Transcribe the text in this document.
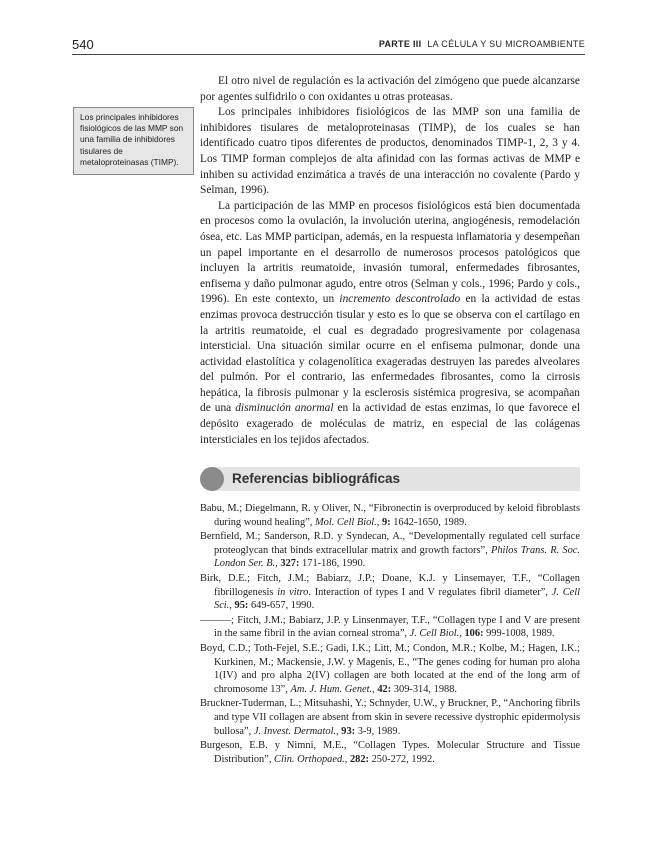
540	PARTE III LA CÉLULA Y SU MICROAMBIENTE
Los principales inhibidores fisiológicos de las MMP son una familia de inhibidores tisulares de metaloproteinasas (TIMP).

El otro nivel de regulación es la activación del zimógeno que puede alcanzarse por agentes sulfidrilo o con oxidantes u otras proteasas.

Los principales inhibidores fisiológicos de las MMP son una familia de inhibidores tisulares de metaloproteinasas (TIMP), de los cuales se han identificado cuatro tipos diferentes de productos, denominados TIMP-1, 2, 3 y 4. Los TIMP forman complejos de alta afinidad con las formas activas de MMP e inhiben su actividad enzimática a través de una interacción no covalente (Pardo y Selman, 1996).

La participación de las MMP en procesos fisiológicos está bien documentada en procesos como la ovulación, la involución uterina, angiogénesis, remodelación ósea, etc. Las MMP participan, además, en la respuesta inflamatoria y desempeñan un papel importante en el desarrollo de numerosos procesos patológicos que incluyen la artritis reumatoide, invasión tumoral, enfermedades fibrosantes, enfisema y daño pulmonar agudo, entre otros (Selman y cols., 1996; Pardo y cols., 1996). En este contexto, un incremento descontrolado en la actividad de estas enzimas provoca destrucción tisular y esto es lo que se observa con el cartílago en la artritis reumatoide, el cual es degradado progresivamente por colagenasa intersticial. Una situación similar ocurre en el enfisema pulmonar, donde una actividad elastolítica y colagenolítica exageradas destruyen las paredes alveolares del pulmón. Por el contrario, las enfermedades fibrosantes, como la cirrosis hepática, la fibrosis pulmonar y la esclerosis sistémica progresiva, se acompañan de una disminución anormal en la actividad de estas enzimas, lo que favorece el depósito exagerado de moléculas de matriz, en especial de las colágenas intersticiales en los tejidos afectados.

Referencias bibliográficas

Babu, M.; Diegelmann, R. y Oliver, N., “Fibronectin is overproduced by keloid fibroblasts during wound healing”, Mol. Cell Biol., 9: 1642-1650, 1989.

Bernfield, M.; Sanderson, R.D. y Syndecan, A., “Developmentally regulated cell surface proteoglycan that binds extracellular matrix and growth factors”, Philos Trans. R. Soc. London Ser. B., 327: 171-186, 1990.

Birk, D.E.; Fitch, J.M.; Babiarz, J.P.; Doane, K.J. y Linsemayer, T.F., “Collagen fibrillogenesis in vitro. Interaction of types I and V regulates fibril diameter”, J. Cell Sci., 95: 649-657, 1990.

———; Fitch, J.M.; Babiarz, J.P. y Linsenmayer, T.F., “Collagen type I and V are present in the same fibril in the avian corneal stroma”, J. Cell Biol., 106: 999-1008, 1989.

Boyd, C.D.; Toth-Fejel, S.E.; Gadi, I.K.; Litt, M.; Condon, M.R.; Kolbe, M.; Hagen, I.K.; Kurkinen, M.; Mackensie, J.W. y Magenis, E., “The genes coding for human pro aloha 1(IV) and pro alpha 2(IV) collagen are both located at the end of the long arm of chromosome 13”, Am. J. Hum. Genet., 42: 309-314, 1988.

Bruckner-Tuderman, L.; Mitsuhashi, Y.; Schnyder, U.W., y Bruckner, P., “Anchoring fibrils and type VII collagen are absent from skin in severe recessive dystrophic epidermolysis bullosa”, J. Invest. Dermatol., 93: 3-9, 1989.

Burgeson, E.B. y Nimni, M.E., “Collagen Types. Molecular Structure and Tissue Distribution”, Clin. Orthopaed., 282: 250-272, 1992.
